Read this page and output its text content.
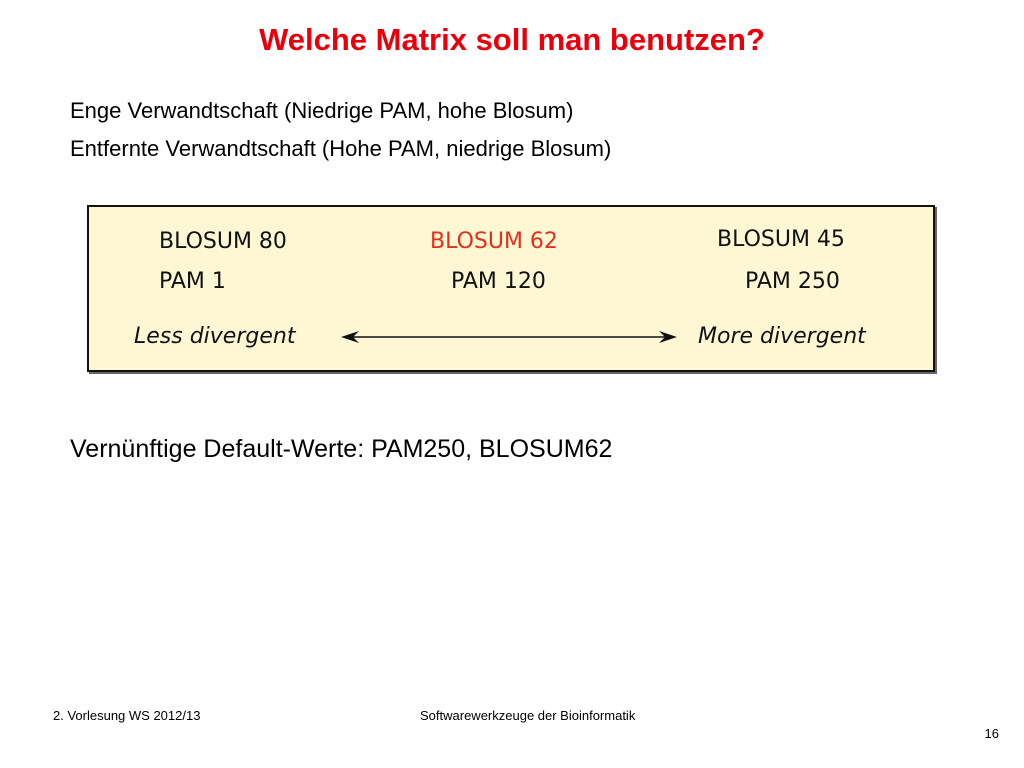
Welche Matrix soll man benutzen?
Enge Verwandtschaft (Niedrige PAM, hohe Blosum)
Entfernte Verwandtschaft (Hohe PAM, niedrige Blosum)
BLOSUM 80
PAM 1
BLOSUM 62
PAM 120
BLOSUM 45
PAM 250
Less divergent	More divergent
Vernünftige Default-Werte: PAM250, BLOSUM62
2. Vorlesung WS 2012/13	Softwarewerkzeuge der Bioinformatik
16
